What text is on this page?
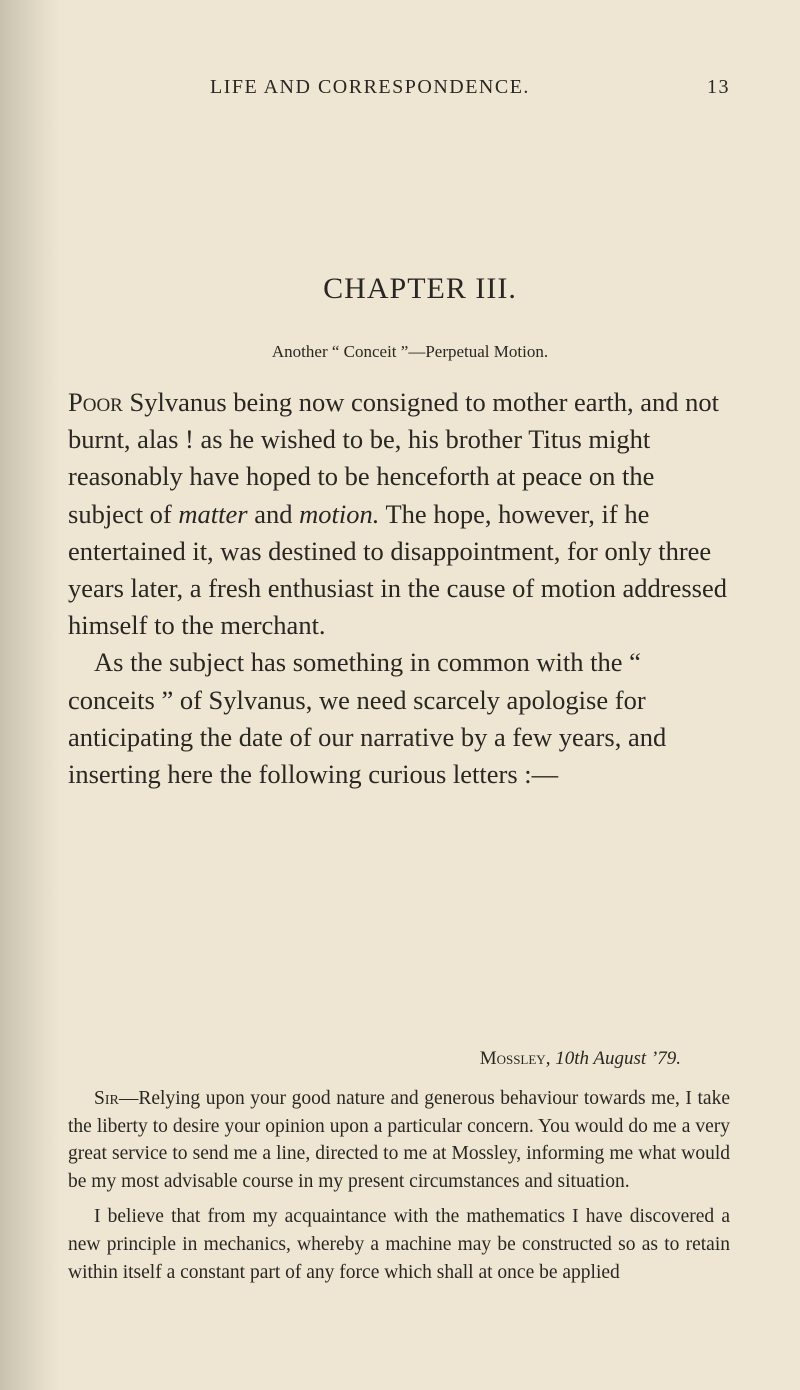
LIFE AND CORRESPONDENCE.	13
CHAPTER III.
Another “ Conceit ”—Perpetual Motion.

Poor Sylvanus being now consigned to mother earth, and not burnt, alas ! as he wished to be, his brother Titus might reasonably have hoped to be henceforth at peace on the subject of matter and motion. The hope, however, if he entertained it, was destined to disappointment, for only three years later, a fresh enthusiast in the cause of motion addressed himself to the merchant.

As the subject has something in common with the “ conceits ” of Sylvanus, we need scarcely apologise for anticipating the date of our narrative by a few years, and inserting here the following curious letters :—

Mossley, 10th August ’79.

Sir—Relying upon your good nature and generous behaviour towards me, I take the liberty to desire your opinion upon a particular concern. You would do me a very great service to send me a line, directed to me at Mossley, informing me what would be my most advisable course in my present circumstances and situation.

I believe that from my acquaintance with the mathematics I have discovered a new principle in mechanics, whereby a machine may be constructed so as to retain within itself a constant part of any force which shall at once be applied
